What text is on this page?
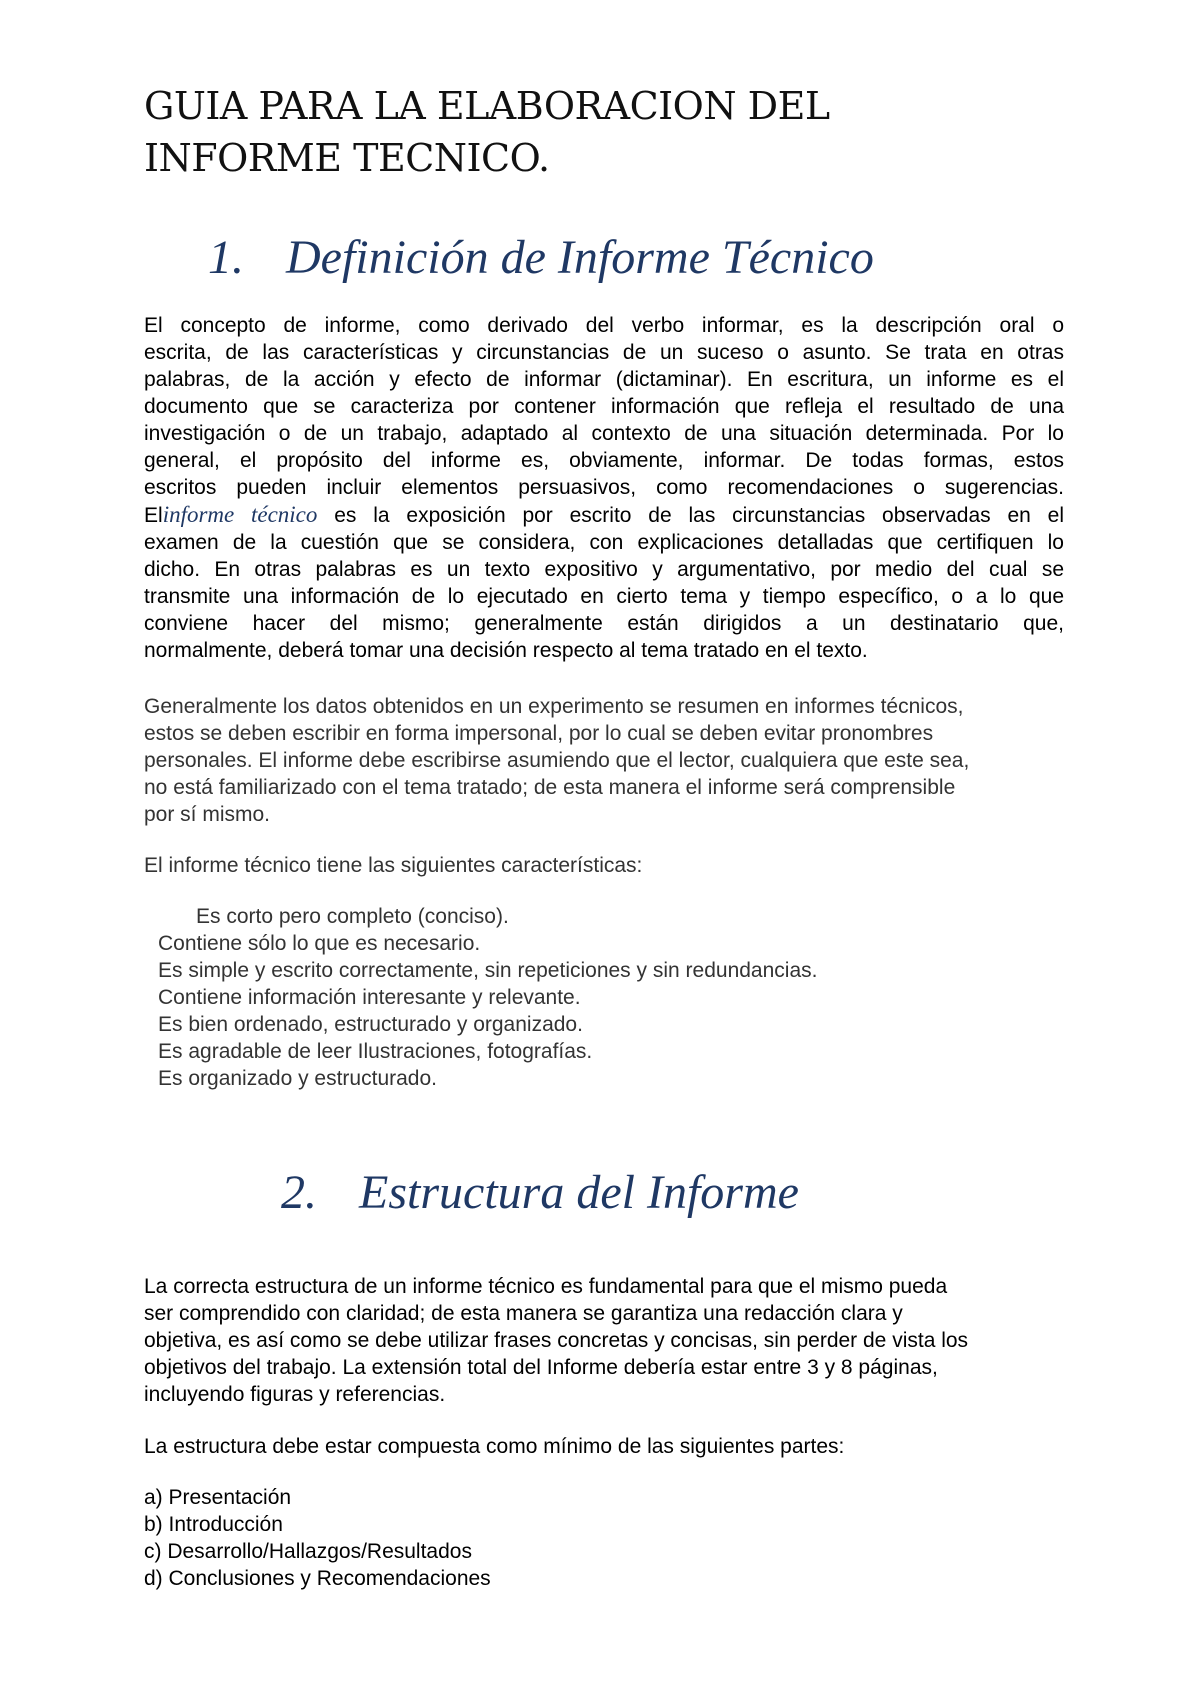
GUIA PARA LA ELABORACION DEL
INFORME TECNICO.
1. Definición de Informe Técnico
El concepto de informe, como derivado del verbo informar, es la descripción oral o
escrita, de las características y circunstancias de un suceso o asunto. Se trata en otras
palabras, de la acción y efecto de informar (dictaminar). En escritura, un informe es el
documento que se caracteriza por contener información que refleja el resultado de una
investigación o de un trabajo, adaptado al contexto de una situación determinada. Por lo
general, el propósito del informe es, obviamente, informar. De todas formas, estos
escritos pueden incluir elementos persuasivos, como recomendaciones o sugerencias.
Elinforme técnico es la exposición por escrito de las circunstancias observadas en el
examen de la cuestión que se considera, con explicaciones detalladas que certifiquen lo
dicho. En otras palabras es un texto expositivo y argumentativo, por medio del cual se
transmite una información de lo ejecutado en cierto tema y tiempo específico, o a lo que
conviene hacer del mismo; generalmente están dirigidos a un destinatario que,
normalmente, deberá tomar una decisión respecto al tema tratado en el texto.
Generalmente los datos obtenidos en un experimento se resumen en informes técnicos,
estos se deben escribir en forma impersonal, por lo cual se deben evitar pronombres
personales. El informe debe escribirse asumiendo que el lector, cualquiera que este sea,
no está familiarizado con el tema tratado; de esta manera el informe será comprensible
por sí mismo.

El informe técnico tiene las siguientes características:

Es corto pero completo (conciso).
Contiene sólo lo que es necesario.
Es simple y escrito correctamente, sin repeticiones y sin redundancias.
Contiene información interesante y relevante.
Es bien ordenado, estructurado y organizado.
Es agradable de leer Ilustraciones, fotografías.
Es organizado y estructurado.
2. Estructura del Informe
La correcta estructura de un informe técnico es fundamental para que el mismo pueda
ser comprendido con claridad; de esta manera se garantiza una redacción clara y
objetiva, es así como se debe utilizar frases concretas y concisas, sin perder de vista los
objetivos del trabajo. La extensión total del Informe debería estar entre 3 y 8 páginas,
incluyendo figuras y referencias.

La estructura debe estar compuesta como mínimo de las siguientes partes:

a) Presentación
b) Introducción
c) Desarrollo/Hallazgos/Resultados
d) Conclusiones y Recomendaciones
